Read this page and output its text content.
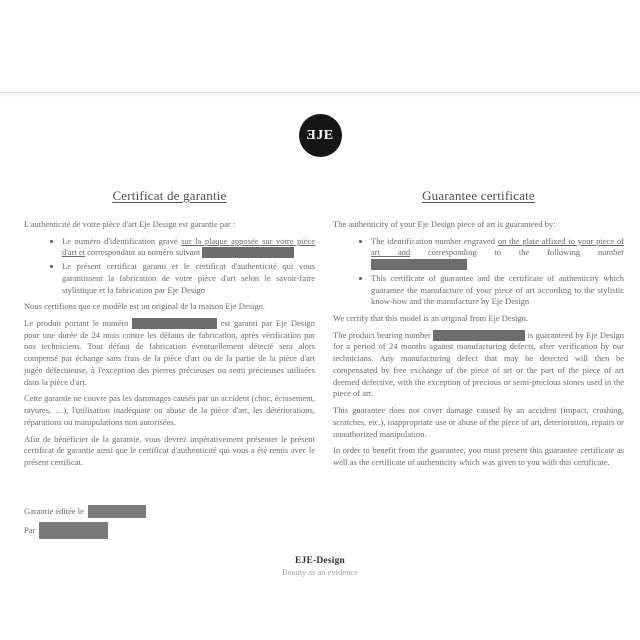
ƎJE
Certificat de garantie

L'authenticité de votre pièce d'art Eje Design est garantie par :

• Le numéro d'identification gravé sur la plaque apposée sur votre pièce d'art et correspondant au numéro suivant
• Le présent certificat garanti et le certificat d'authenticité qui vous garantissent la fabrication de votre pièce d'art selon le savoir-faire stylistique et la fabrication par Eje Design

Nous certifions que ce modèle est un original de la maison Eje Design.

Le produit portant le numéro	est garanti par Eje Design pour une durée de 24 mois contre les défauts de fabrication, après vérification par nos techniciens. Tout défaut de fabrication éventuellement détecté sera alors compensé par échange sans frais de la pièce d'art ou de la partie de la pièce d'art jugée défectueuse, à l'exception des pierres précieuses ou semi précieuses utilisées dans la pièce d'art.

Cette garantie ne couvre pas les dommages causés par un accident (choc, écrasement, rayures, …), l'utilisation inadéquate ou abuse de la pièce d'art, les détériorations, réparations ou manipulations non autorisées.

Afin de bénéficier de la garantie, vous devrez impérativement présenter le présent certificat de garantie ainsi que le certificat d'authenticité qui vous a été remis avec le présent certificat.

Guarantee certificate

The authenticity of your Eje Design piece of art is guaranteed by:

• The identification number engraved on the plate affixed to your piece of art and corresponding to the following number
• This certificate of guarantee and the certificate of authenticity which guarantee the manufacture of your piece of art according to the stylistic know-how and the manufacture by Eje Design

We certify that this model is an original from Eje Design.

The product bearing number	is guaranteed by Eje Design for a period of 24 months against manufacturing defects, after verification by our technicians. Any manufacturing defect that may be detected will then be compensated by free exchange of the piece of art or the part of the piece of art deemed defective, with the exception of precious or semi-precious stones used in the piece of art.

This guarantee does not cover damage caused by an accident (impact, crushing, scratches, etc.), inappropriate use or abuse of the piece of art, deterioration, repairs or unauthorized manipulation.

In order to benefit from the guarantee, you must present this guarantee certificate as well as the certificate of authenticity which was given to you with this certificate.

Garantie éditée le
Par
EJE-Design
Beauty as an evidence
